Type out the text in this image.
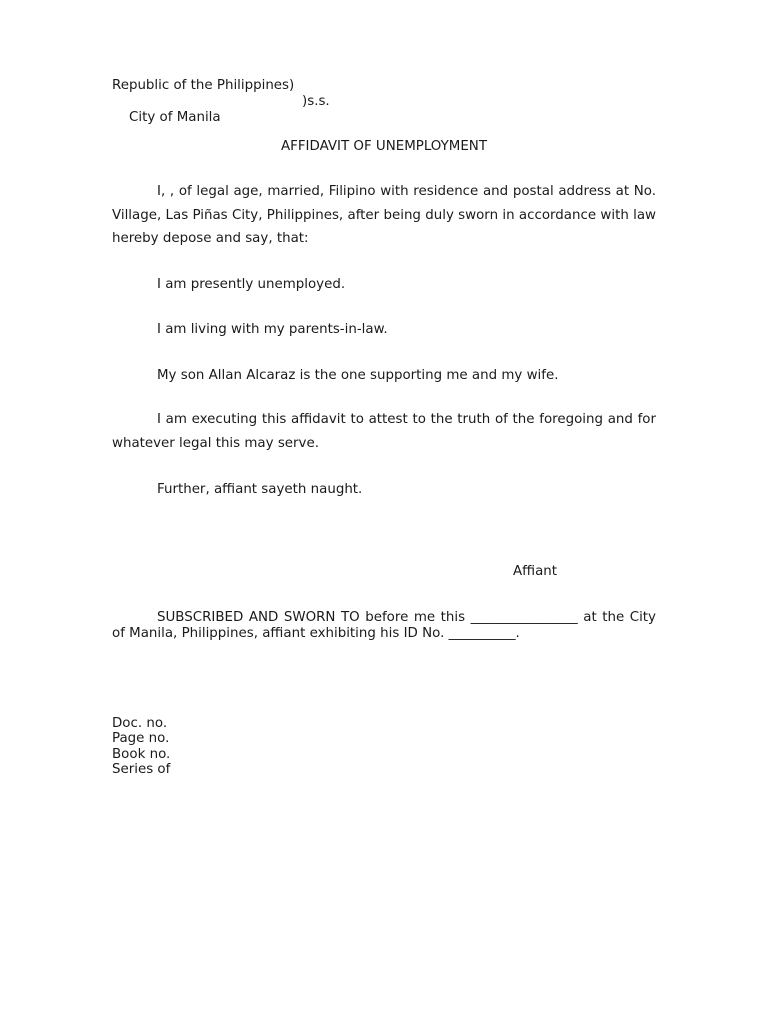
Republic of the Philippines)

City of Manila

)s.s.
AFFIDAVIT OF UNEMPLOYMENT

I, , of legal age, married, Filipino with residence and postal address at No. Village, Las Piñas City, Philippines, after being duly sworn in accordance with law hereby depose and say, that:

I am presently unemployed.
I am living with my parents-in-law.
My son Allan Alcaraz is the one supporting me and my wife.

I am executing this affidavit to attest to the truth of the foregoing and for whatever legal this may serve.

Further, affiant sayeth naught.
Affiant

SUBSCRIBED AND SWORN TO before me this ________________ at the City of Manila, Philippines, affiant exhibiting his ID No. __________.

Doc. no.
Page no.
Book no.
Series of
